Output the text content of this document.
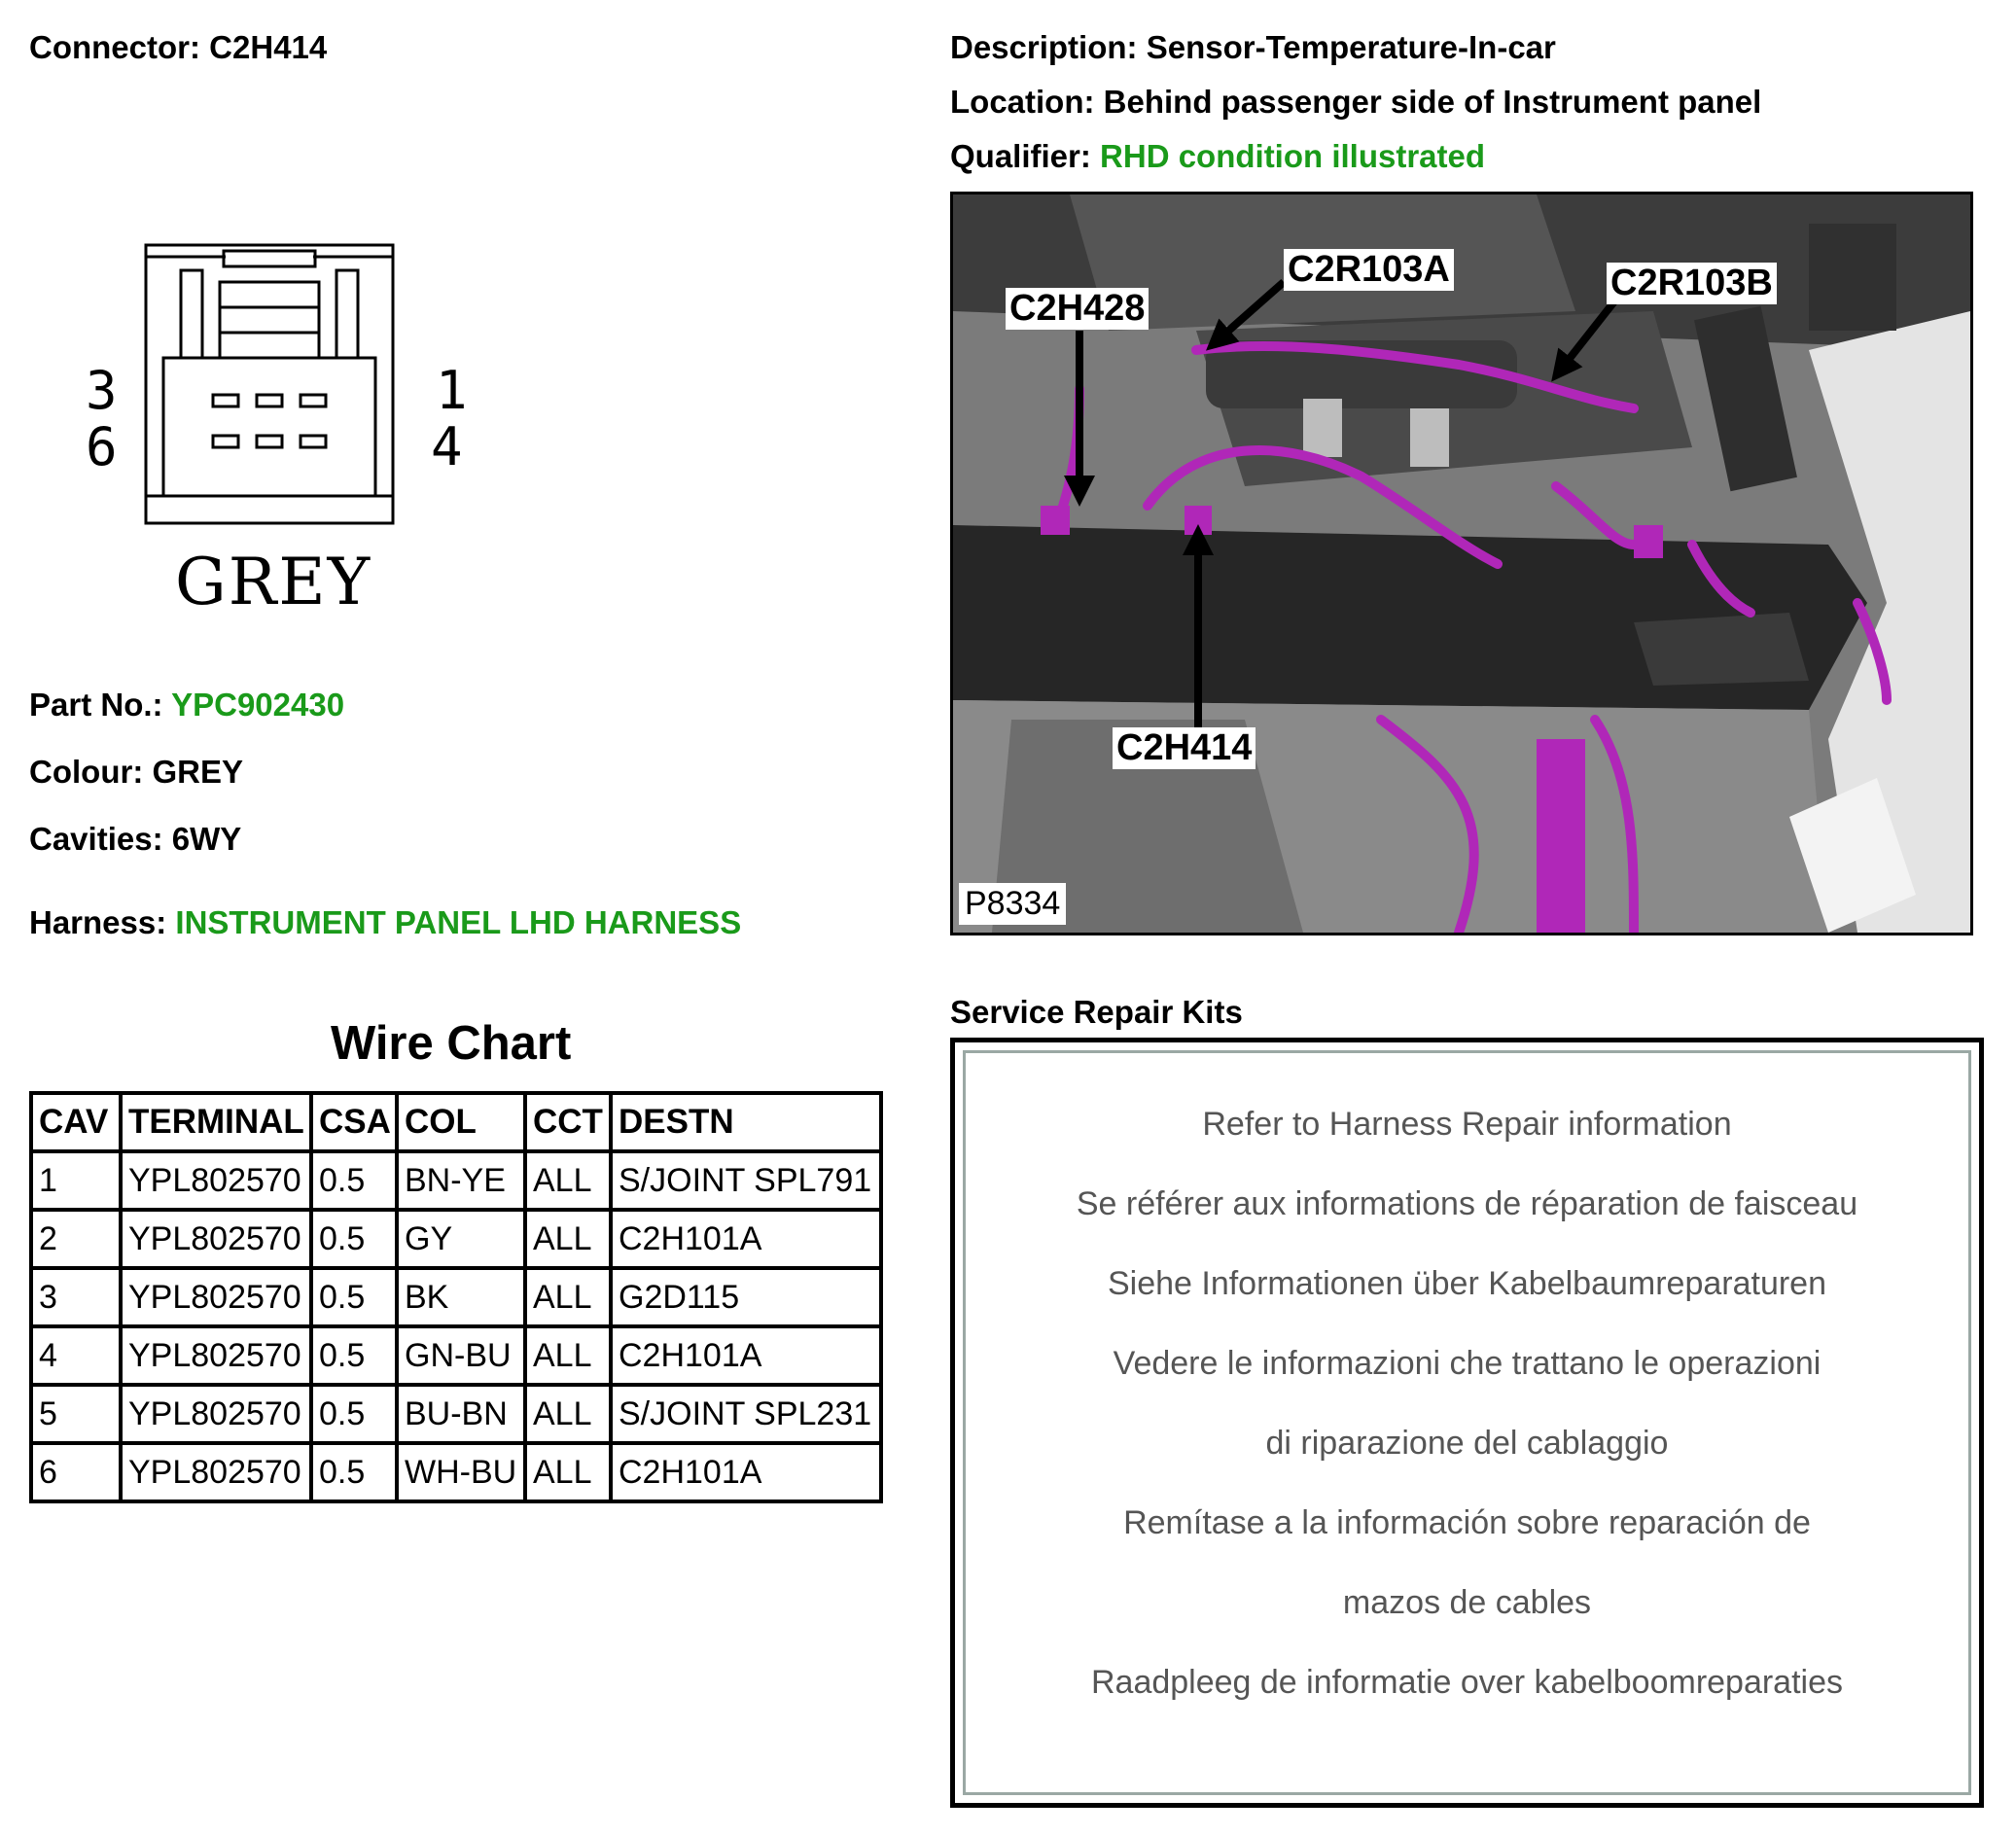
Connector: C2H414	Description: Sensor-Temperature-In-car
Location: Behind passenger side of Instrument panel
Qualifier: RHD condition illustrated
3
6
1
4
GREY
Part No.: YPC902430
Colour: GREY
Cavities: 6WY
Harness: INSTRUMENT PANEL LHD HARNESS
Wire Chart
CAV	TERMINAL	CSA	COL	CCT	DESTN
1	YPL802570	0.5	BN-YE	ALL	S/JOINT SPL791
2	YPL802570	0.5	GY	ALL	C2H101A
3	YPL802570	0.5	BK	ALL	G2D115
4	YPL802570	0.5	GN-BU	ALL	C2H101A
5	YPL802570	0.5	BU-BN	ALL	S/JOINT SPL231
6	YPL802570	0.5	WH-BU	ALL	C2H101A
C2H428
C2R103A	C2R103B
C2H414
P8334
Service Repair Kits
Refer to Harness Repair information
Se référer aux informations de réparation de faisceau
Siehe Informationen über Kabelbaumreparaturen
Vedere le informazioni che trattano le operazioni
di riparazione del cablaggio
Remítase a la información sobre reparación de
mazos de cables
Raadpleeg de informatie over kabelboomreparaties
